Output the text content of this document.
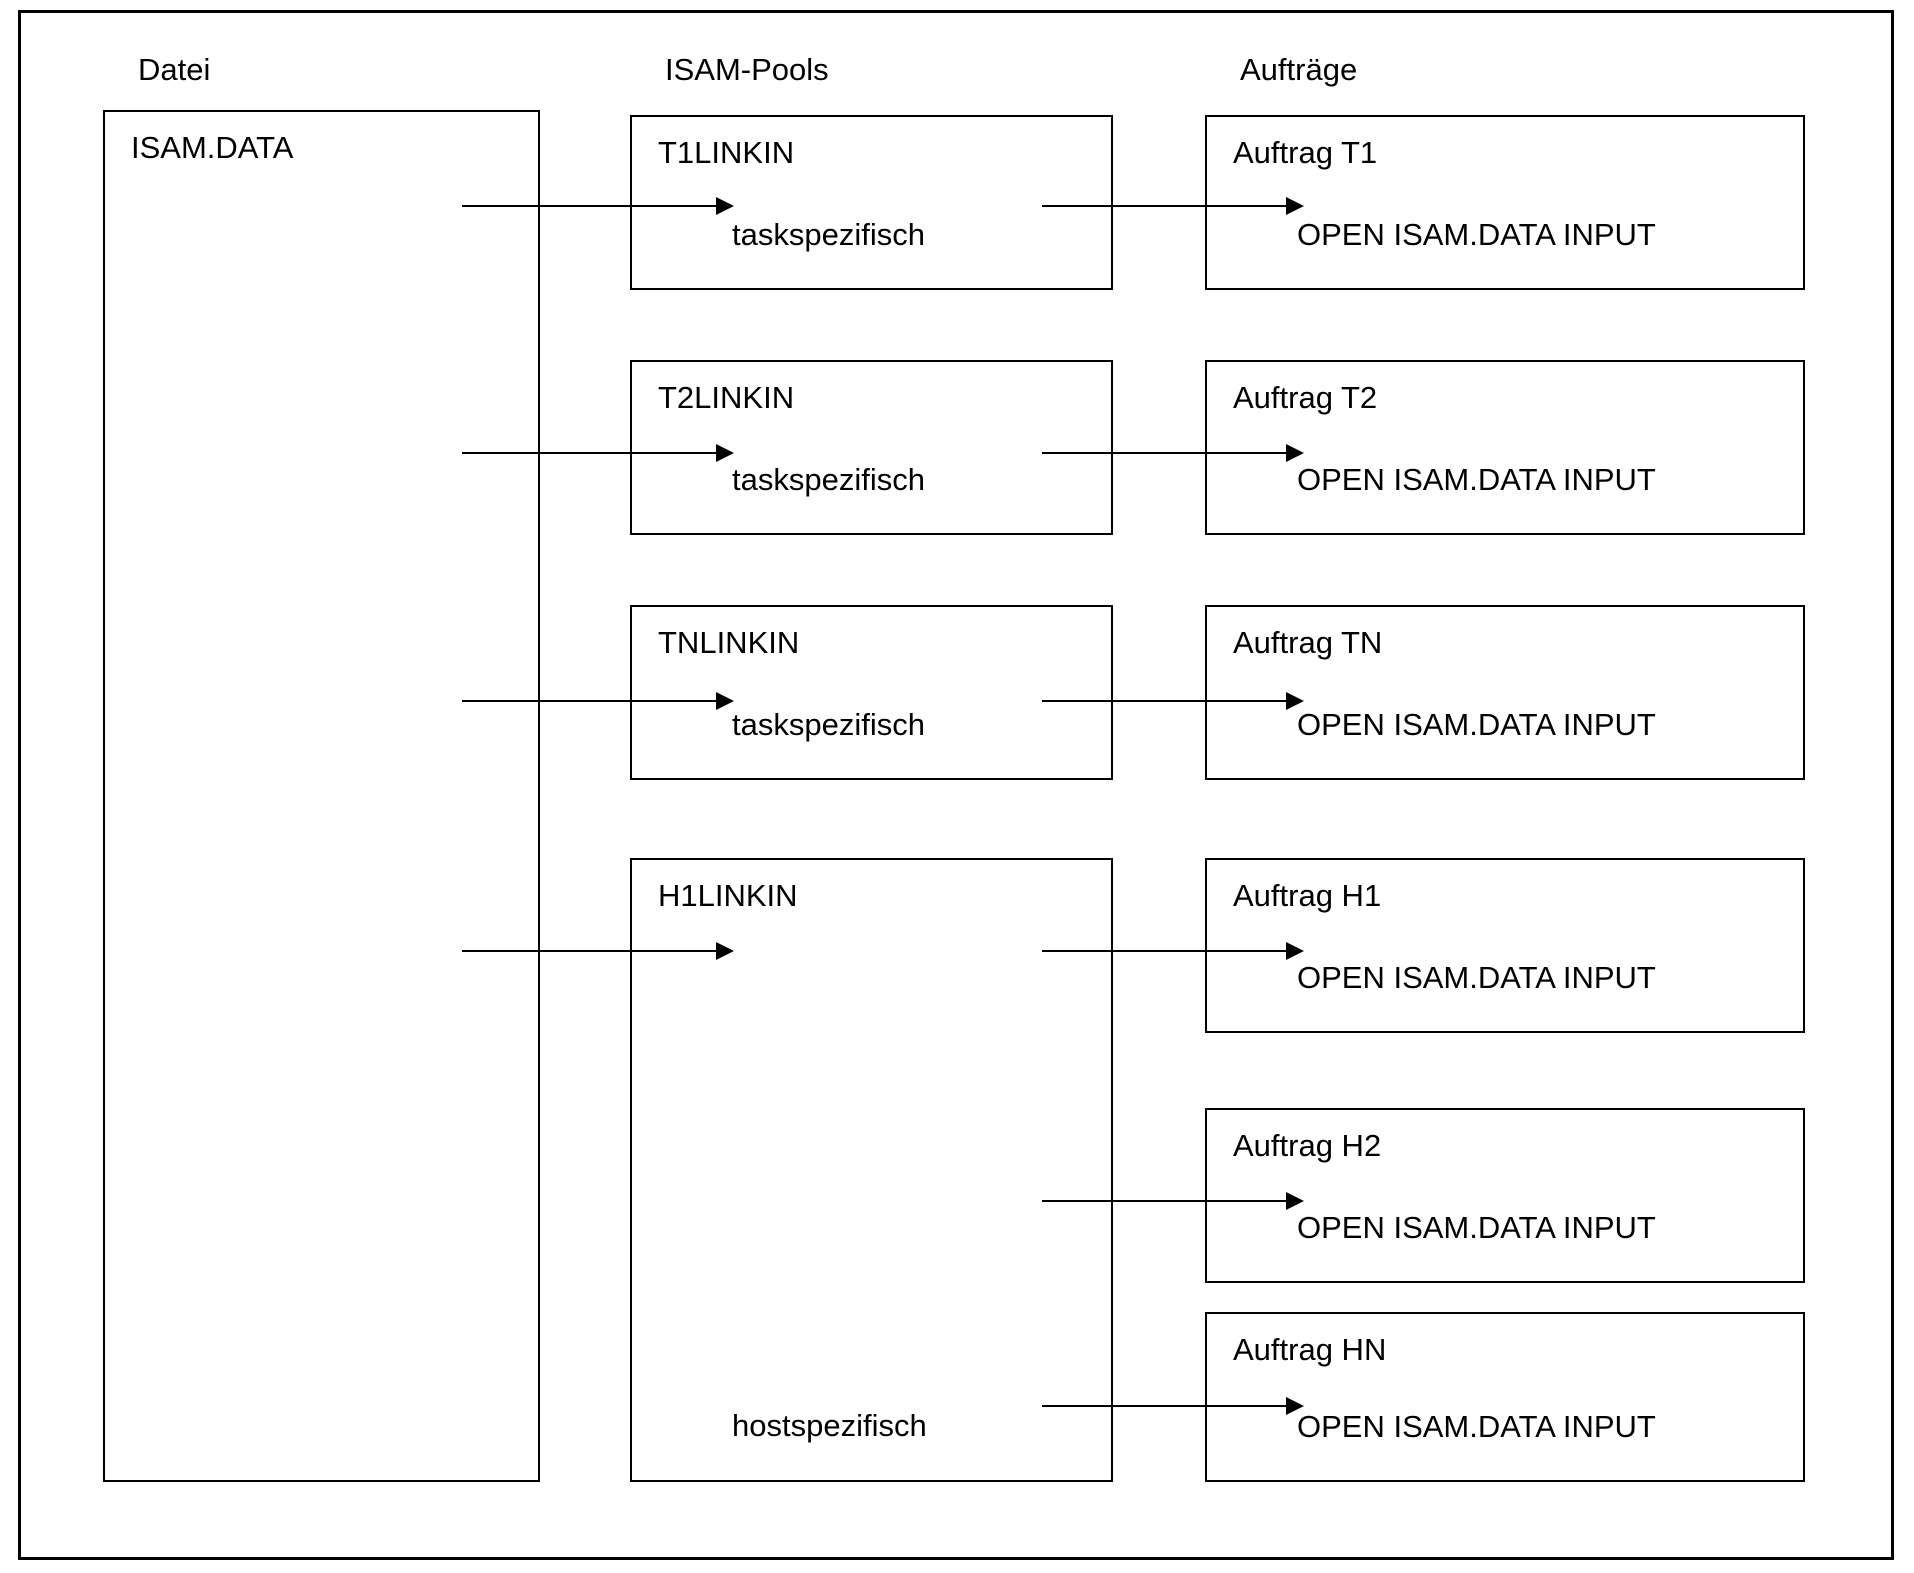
Datei	ISAM-Pools	Aufträge
ISAM.DATA	T1LINKIN
taskspezifisch
T2LINKIN
taskspezifisch
TNLINKIN
taskspezifisch
H1LINKIN
hostspezifisch
Auftrag T1
OPEN ISAM.DATA INPUT
Auftrag T2
OPEN ISAM.DATA INPUT
Auftrag TN
OPEN ISAM.DATA INPUT
Auftrag H1
OPEN ISAM.DATA INPUT
Auftrag H2
OPEN ISAM.DATA INPUT
Auftrag HN
OPEN ISAM.DATA INPUT
